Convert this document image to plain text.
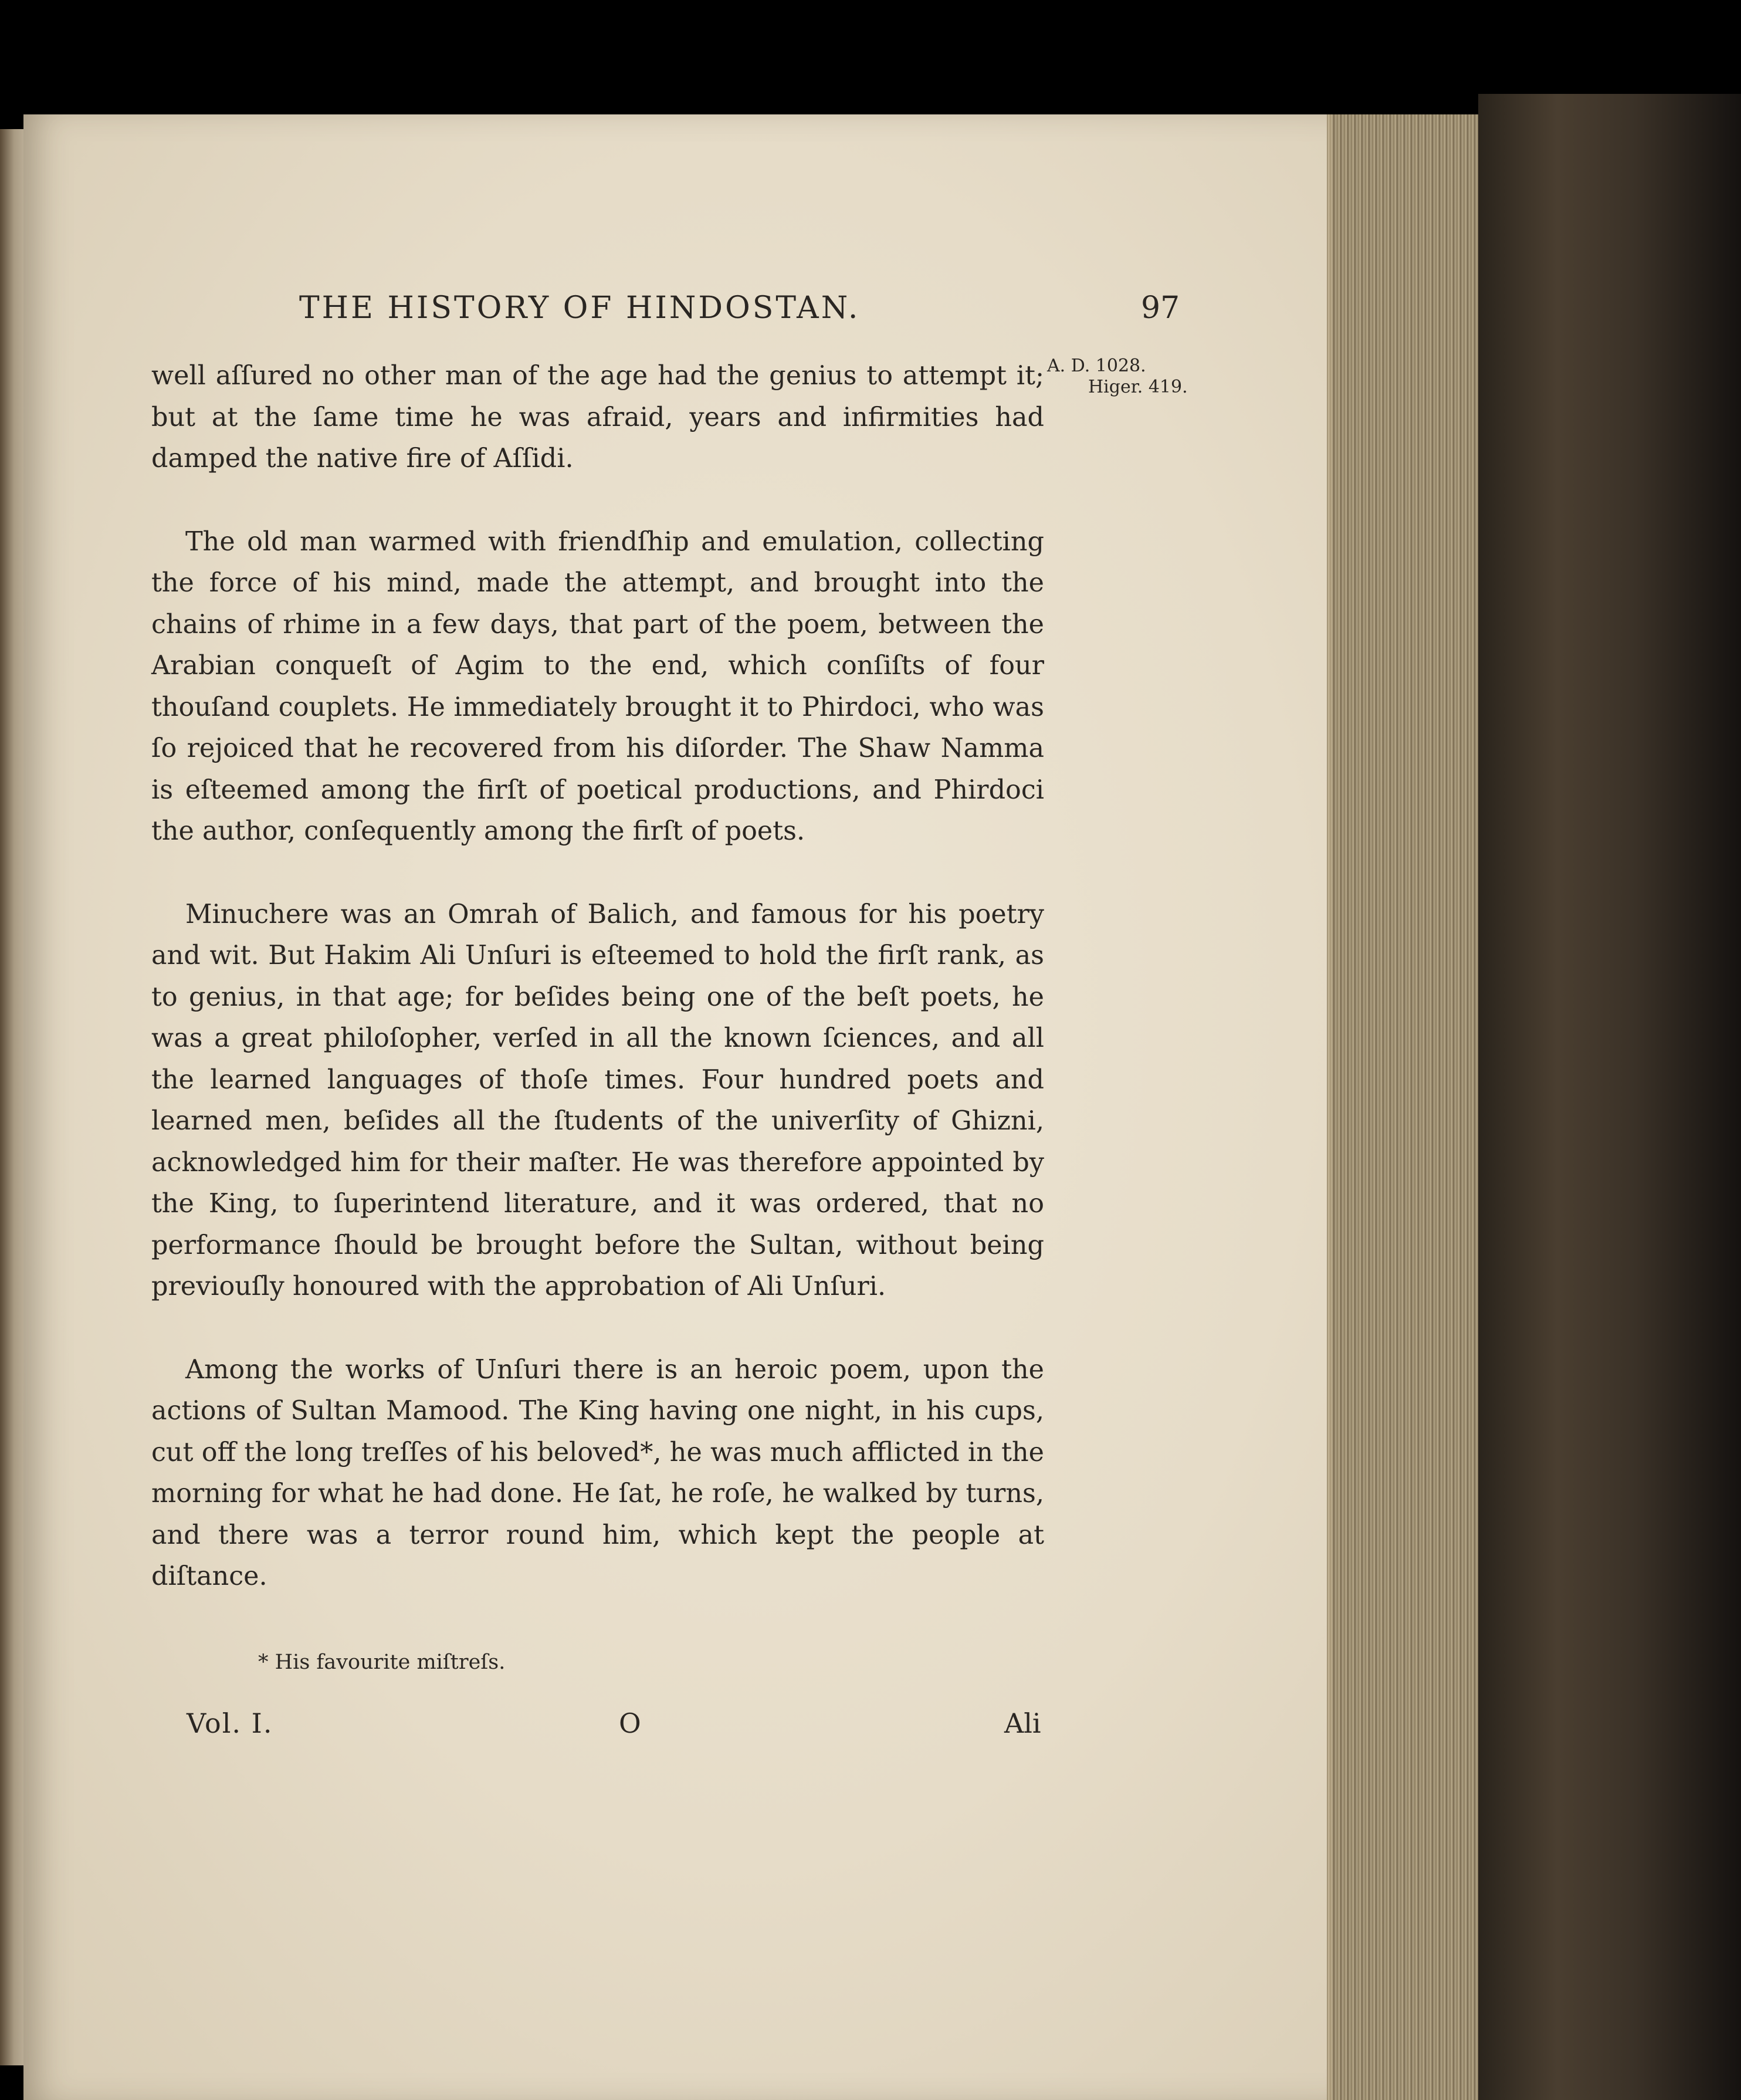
THE HISTORY OF HINDOSTAN.	97
A. D. 1028.
Higer. 419.

well aſſured no other man of the age had the genius to attempt it; but at the ſame time he was afraid, years and infirmities had damped the native fire of Aſſidi.

The old man warmed with friendſhip and emulation, collecting the force of his mind, made the attempt, and brought into the chains of rhime in a few days, that part of the poem, between the Arabian conqueſt of Agim to the end, which conſiſts of four thouſand couplets. He immediately brought it to Phirdoci, who was ſo rejoiced that he recovered from his diſorder. The Shaw Namma is eſteemed among the firſt of poetical productions, and Phirdoci the author, conſequently among the firſt of poets.

Minuchere was an Omrah of Balich, and famous for his poetry and wit. But Hakim Ali Unſuri is eſteemed to hold the firſt rank, as to genius, in that age; for beſides being one of the beſt poets, he was a great philoſopher, verſed in all the known ſciences, and all the learned languages of thoſe times. Four hundred poets and learned men, beſides all the ſtudents of the univerſity of Ghizni, acknowledged him for their maſter. He was therefore appointed by the King, to ſuperintend literature, and it was ordered, that no performance ſhould be brought before the Sultan, without being previouſly honoured with the approbation of Ali Unſuri.

Among the works of Unſuri there is an heroic poem, upon the actions of Sultan Mamood. The King having one night, in his cups, cut off the long treſſes of his beloved*, he was much afflicted in the morning for what he had done. He ſat, he roſe, he walked by turns, and there was a terror round him, which kept the people at diſtance.

* His favourite miſtreſs.
Vol. I.	O	Ali
